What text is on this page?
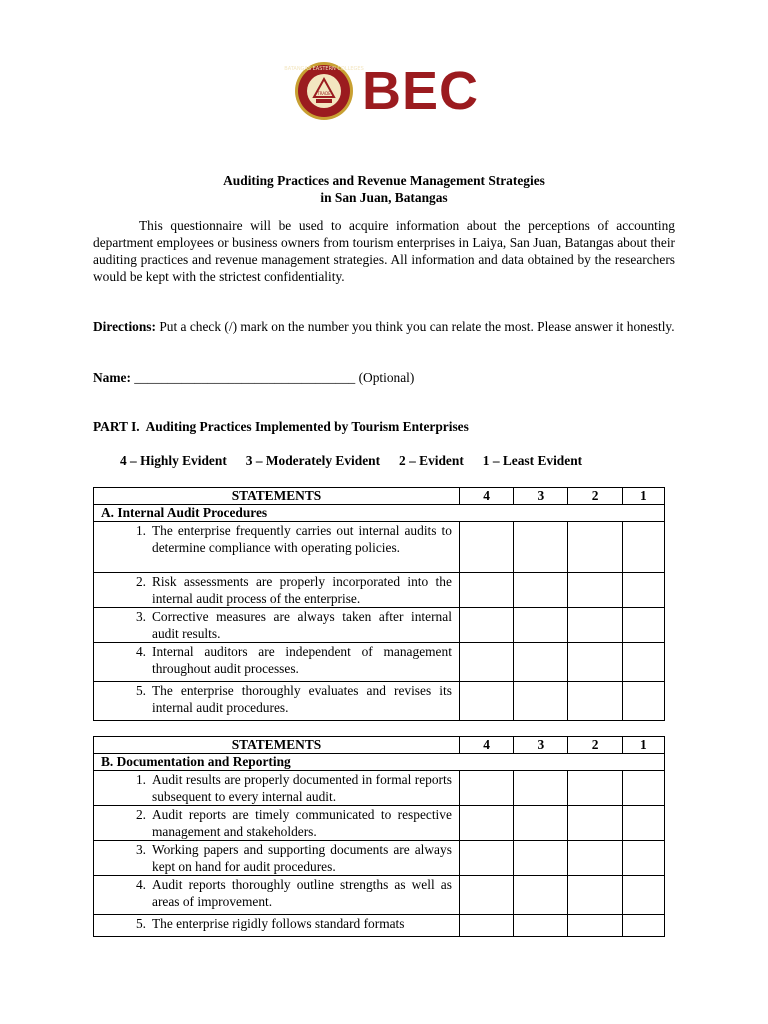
BATANGAS EASTERN COLLEGES
TRADE BEC
Auditing Practices and Revenue Management Strategies
in San Juan, Batangas
This questionnaire will be used to acquire information about the perceptions of accounting department employees or business owners from tourism enterprises in Laiya, San Juan, Batangas about their auditing practices and revenue management strategies. All information and data obtained by the researchers would be kept with the strictest confidentiality.
Directions: Put a check (/) mark on the number you think you can relate the most. Please answer it honestly.
Name: _________________________________ (Optional)
PART I.  Auditing Practices Implemented by Tourism Enterprises
4 – Highly Evident 3 – Moderately Evident 2 – Evident 1 – Least Evident
STATEMENTS	4	3	2	1
A. Internal Audit Procedures				

1. The enterprise frequently carries out internal audits to determine compliance with operating policies.				

2. Risk assessments are properly incorporated into the internal audit process of the enterprise.				

3. Corrective measures are always taken after internal audit results.				

4. Internal auditors are independent of management throughout audit processes.				

5. The enterprise thoroughly evaluates and revises its internal audit procedures.				

STATEMENTS	4	3	2	1
B. Documentation and Reporting				

1. Audit results are properly documented in formal reports subsequent to every internal audit.				

2. Audit reports are timely communicated to respective management and stakeholders.				

3. Working papers and supporting documents are always kept on hand for audit procedures.				

4. Audit reports thoroughly outline strengths as well as areas of improvement.				

5. The enterprise rigidly follows standard formats				
